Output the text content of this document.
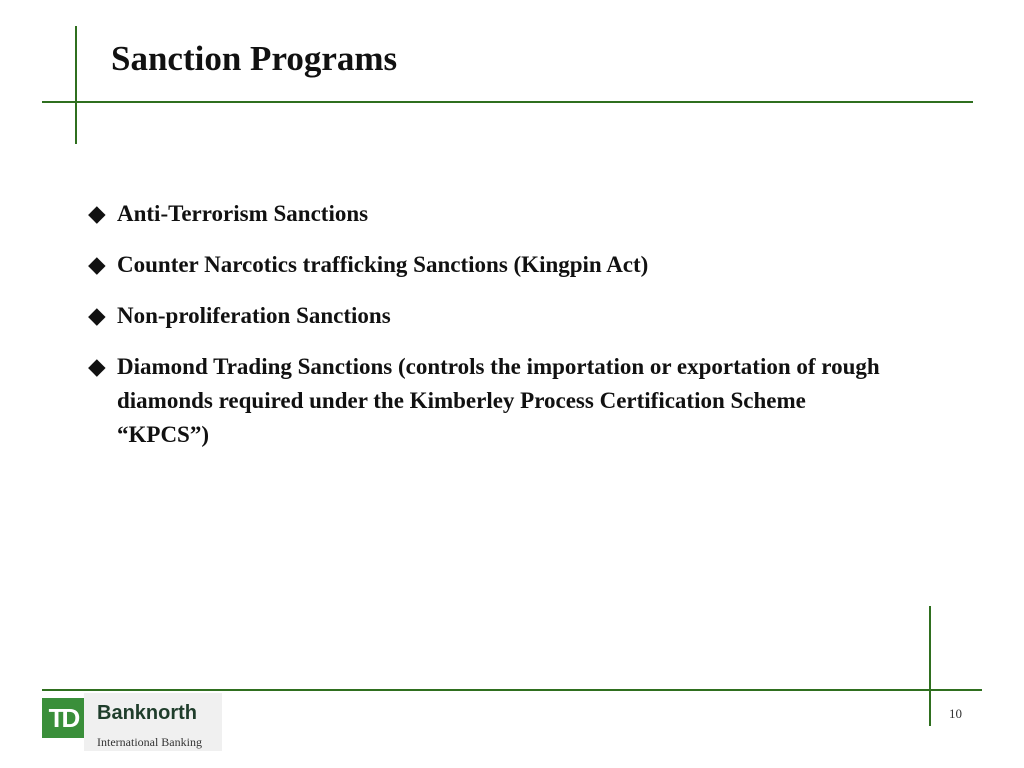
Sanction Programs
◆ Anti-Terrorism Sanctions
◆ Counter Narcotics trafficking Sanctions (Kingpin Act)
◆ Non-proliferation Sanctions
◆ Diamond Trading Sanctions (controls the importation or exportation of rough diamonds required under the Kimberley Process Certification Scheme “KPCS”)
TD Banknorth
International Banking
10
